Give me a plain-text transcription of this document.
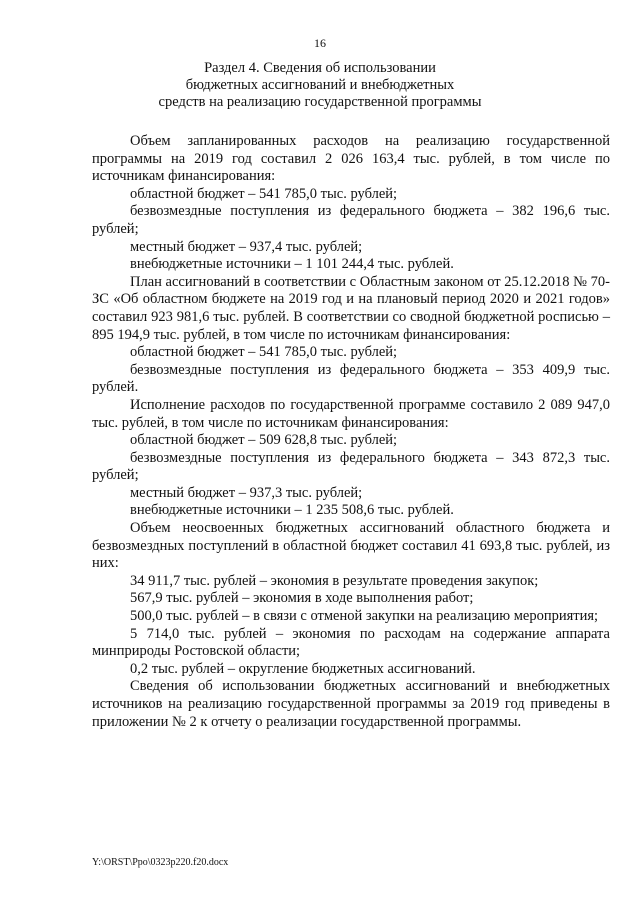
16
Раздел 4. Сведения об использовании
бюджетных ассигнований и внебюджетных
средств на реализацию государственной программы

Объем запланированных расходов на реализацию государственной программы на 2019 год составил 2 026 163,4 тыс. рублей, в том числе по источникам финансирования:

областной бюджет – 541 785,0 тыс. рублей;

безвозмездные поступления из федерального бюджета – 382 196,6 тыс. рублей;

местный бюджет – 937,4 тыс. рублей;

внебюджетные источники – 1 101 244,4 тыс. рублей.

План ассигнований в соответствии с Областным законом от 25.12.2018 № 70-ЗС «Об областном бюджете на 2019 год и на плановый период 2020 и 2021 годов» составил 923 981,6 тыс. рублей. В соответствии со сводной бюджетной росписью – 895 194,9 тыс. рублей, в том числе по источникам финансирования:

областной бюджет – 541 785,0 тыс. рублей;

безвозмездные поступления из федерального бюджета – 353 409,9 тыс. рублей.

Исполнение расходов по государственной программе составило 2 089 947,0 тыс. рублей, в том числе по источникам финансирования:

областной бюджет – 509 628,8 тыс. рублей;

безвозмездные поступления из федерального бюджета – 343 872,3 тыс. рублей;

местный бюджет – 937,3 тыс. рублей;

внебюджетные источники – 1 235 508,6 тыс. рублей.

Объем неосвоенных бюджетных ассигнований областного бюджета и безвозмездных поступлений в областной бюджет составил 41 693,8 тыс. рублей, из них:

34 911,7 тыс. рублей – экономия в результате проведения закупок;

567,9 тыс. рублей – экономия в ходе выполнения работ;

500,0 тыс. рублей – в связи с отменой закупки на реализацию мероприятия;

5 714,0 тыс. рублей – экономия по расходам на содержание аппарата минприроды Ростовской области;

0,2 тыс. рублей – округление бюджетных ассигнований.

Сведения об использовании бюджетных ассигнований и внебюджетных источников на реализацию государственной программы за 2019 год приведены в приложении № 2 к отчету о реализации государственной программы.

Y:\ORST\Ppo\0323p220.f20.docx
